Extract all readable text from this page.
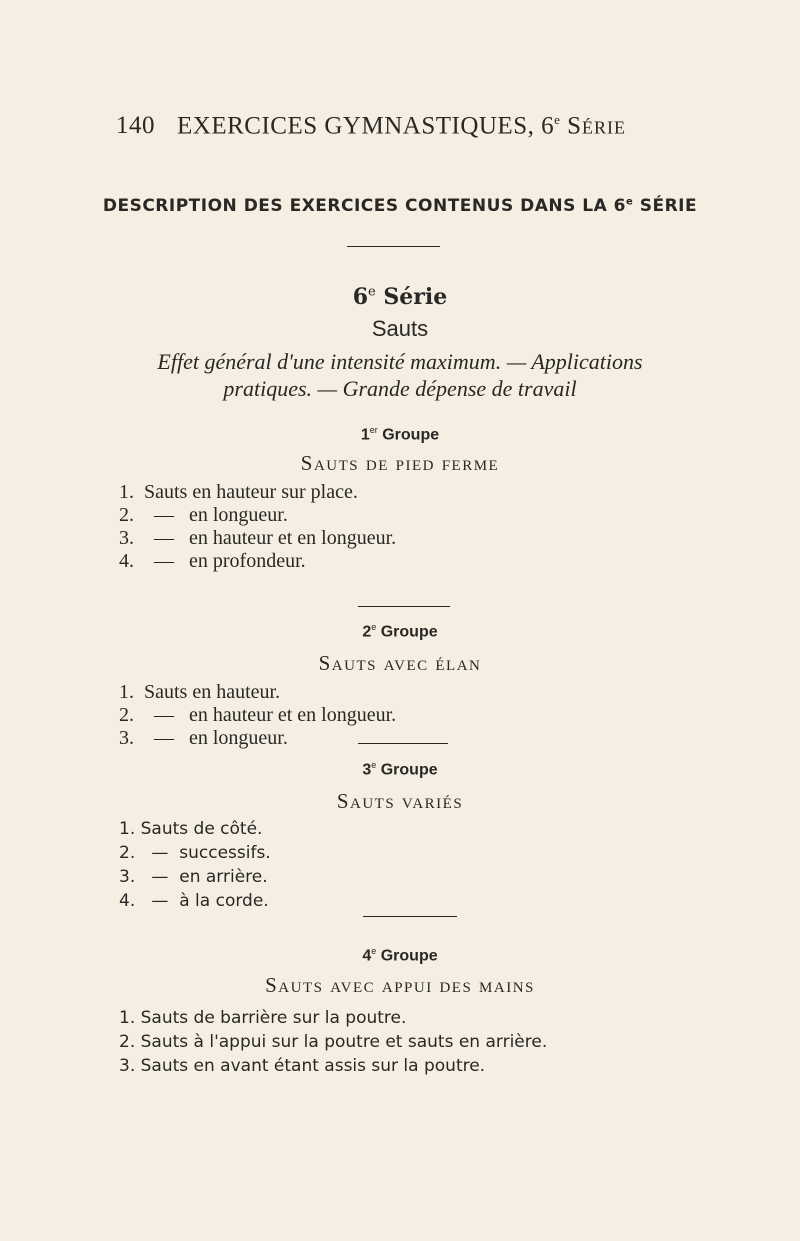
140 EXERCICES GYMNASTIQUES, 6e Série
DESCRIPTION DES EXERCICES CONTENUS DANS LA 6e SÉRIE
6e Série
Sauts
Effet général d'une intensité maximum. — Applications
pratiques. — Grande dépense de travail
1er Groupe
Sauts de pied ferme
1.  Sauts en hauteur sur place.
2.    —   en longueur.
3.    —   en hauteur et en longueur.
4.    —   en profondeur.
2e Groupe
Sauts avec élan
1.  Sauts en hauteur.
2.    —   en hauteur et en longueur.
3.    —   en longueur.
3e Groupe
Sauts variés
1. Sauts de côté.
2.   —  successifs.
3.   —  en arrière.
4.   —  à la corde.
4e Groupe
Sauts avec appui des mains
1. Sauts de barrière sur la poutre.
2. Sauts à l'appui sur la poutre et sauts en arrière.
3. Sauts en avant étant assis sur la poutre.
